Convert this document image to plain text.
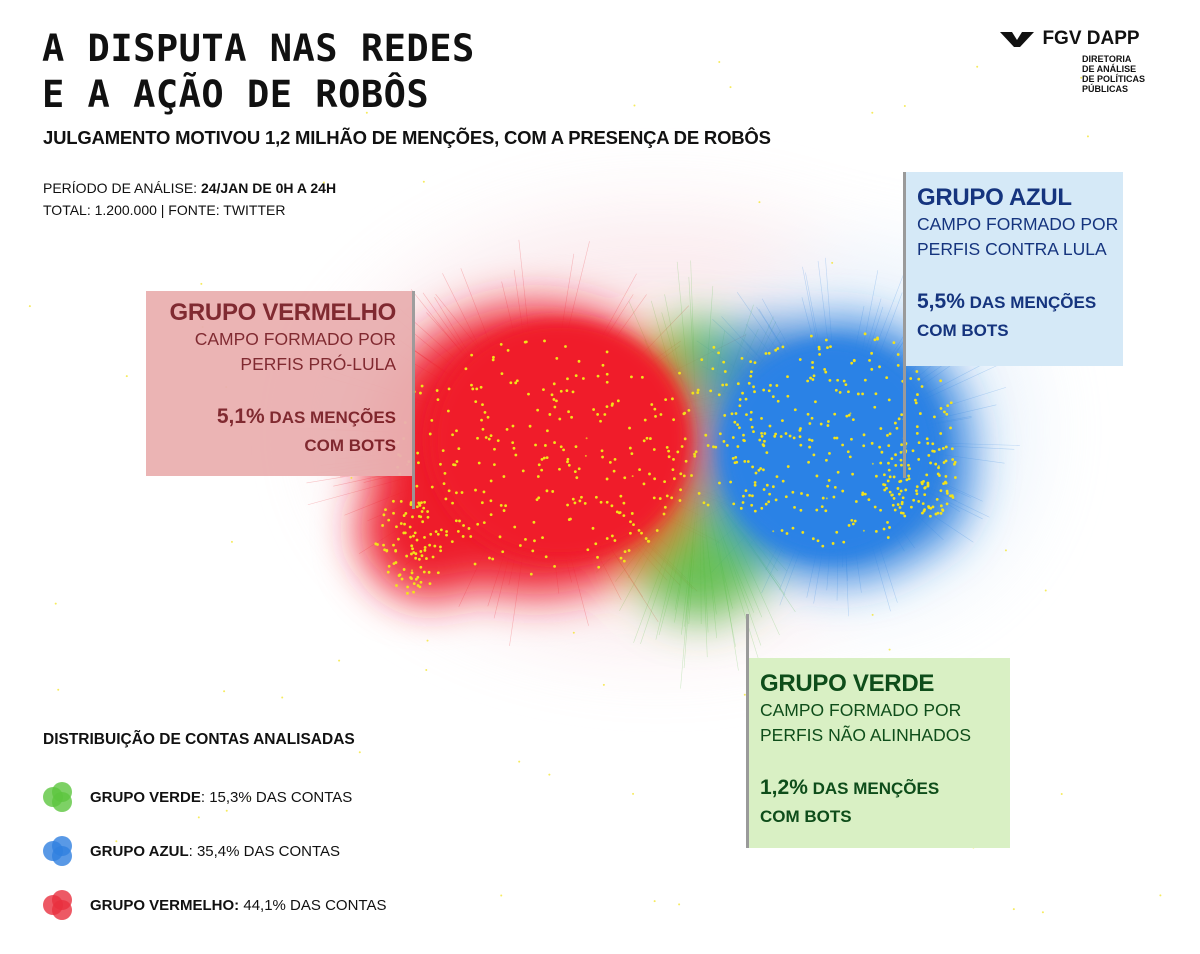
A DISPUTA NAS REDES
E A AÇÃO DE ROBÔS
JULGAMENTO MOTIVOU 1,2 MILHÃO DE MENÇÕES, COM A PRESENÇA DE ROBÔS
PERÍODO DE ANÁLISE: 24/JAN DE 0H A 24H
TOTAL: 1.200.000 | FONTE: TWITTER
FGV DAPP
DIRETORIA
DE ANÁLISE
DE POLÍTICAS
PÚBLICAS
GRUPO VERMELHO
CAMPO FORMADO POR
PERFIS PRÓ-LULA
5,1% DAS MENÇÕES
COM BOTS
GRUPO AZUL
CAMPO FORMADO POR
PERFIS CONTRA LULA
5,5% DAS MENÇÕES
COM BOTS
GRUPO VERDE
CAMPO FORMADO POR
PERFIS NÃO ALINHADOS
1,2% DAS MENÇÕES
COM BOTS
DISTRIBUIÇÃO DE CONTAS ANALISADAS
GRUPO VERDE: 15,3% DAS CONTAS
GRUPO AZUL: 35,4% DAS CONTAS
GRUPO VERMELHO: 44,1% DAS CONTAS
